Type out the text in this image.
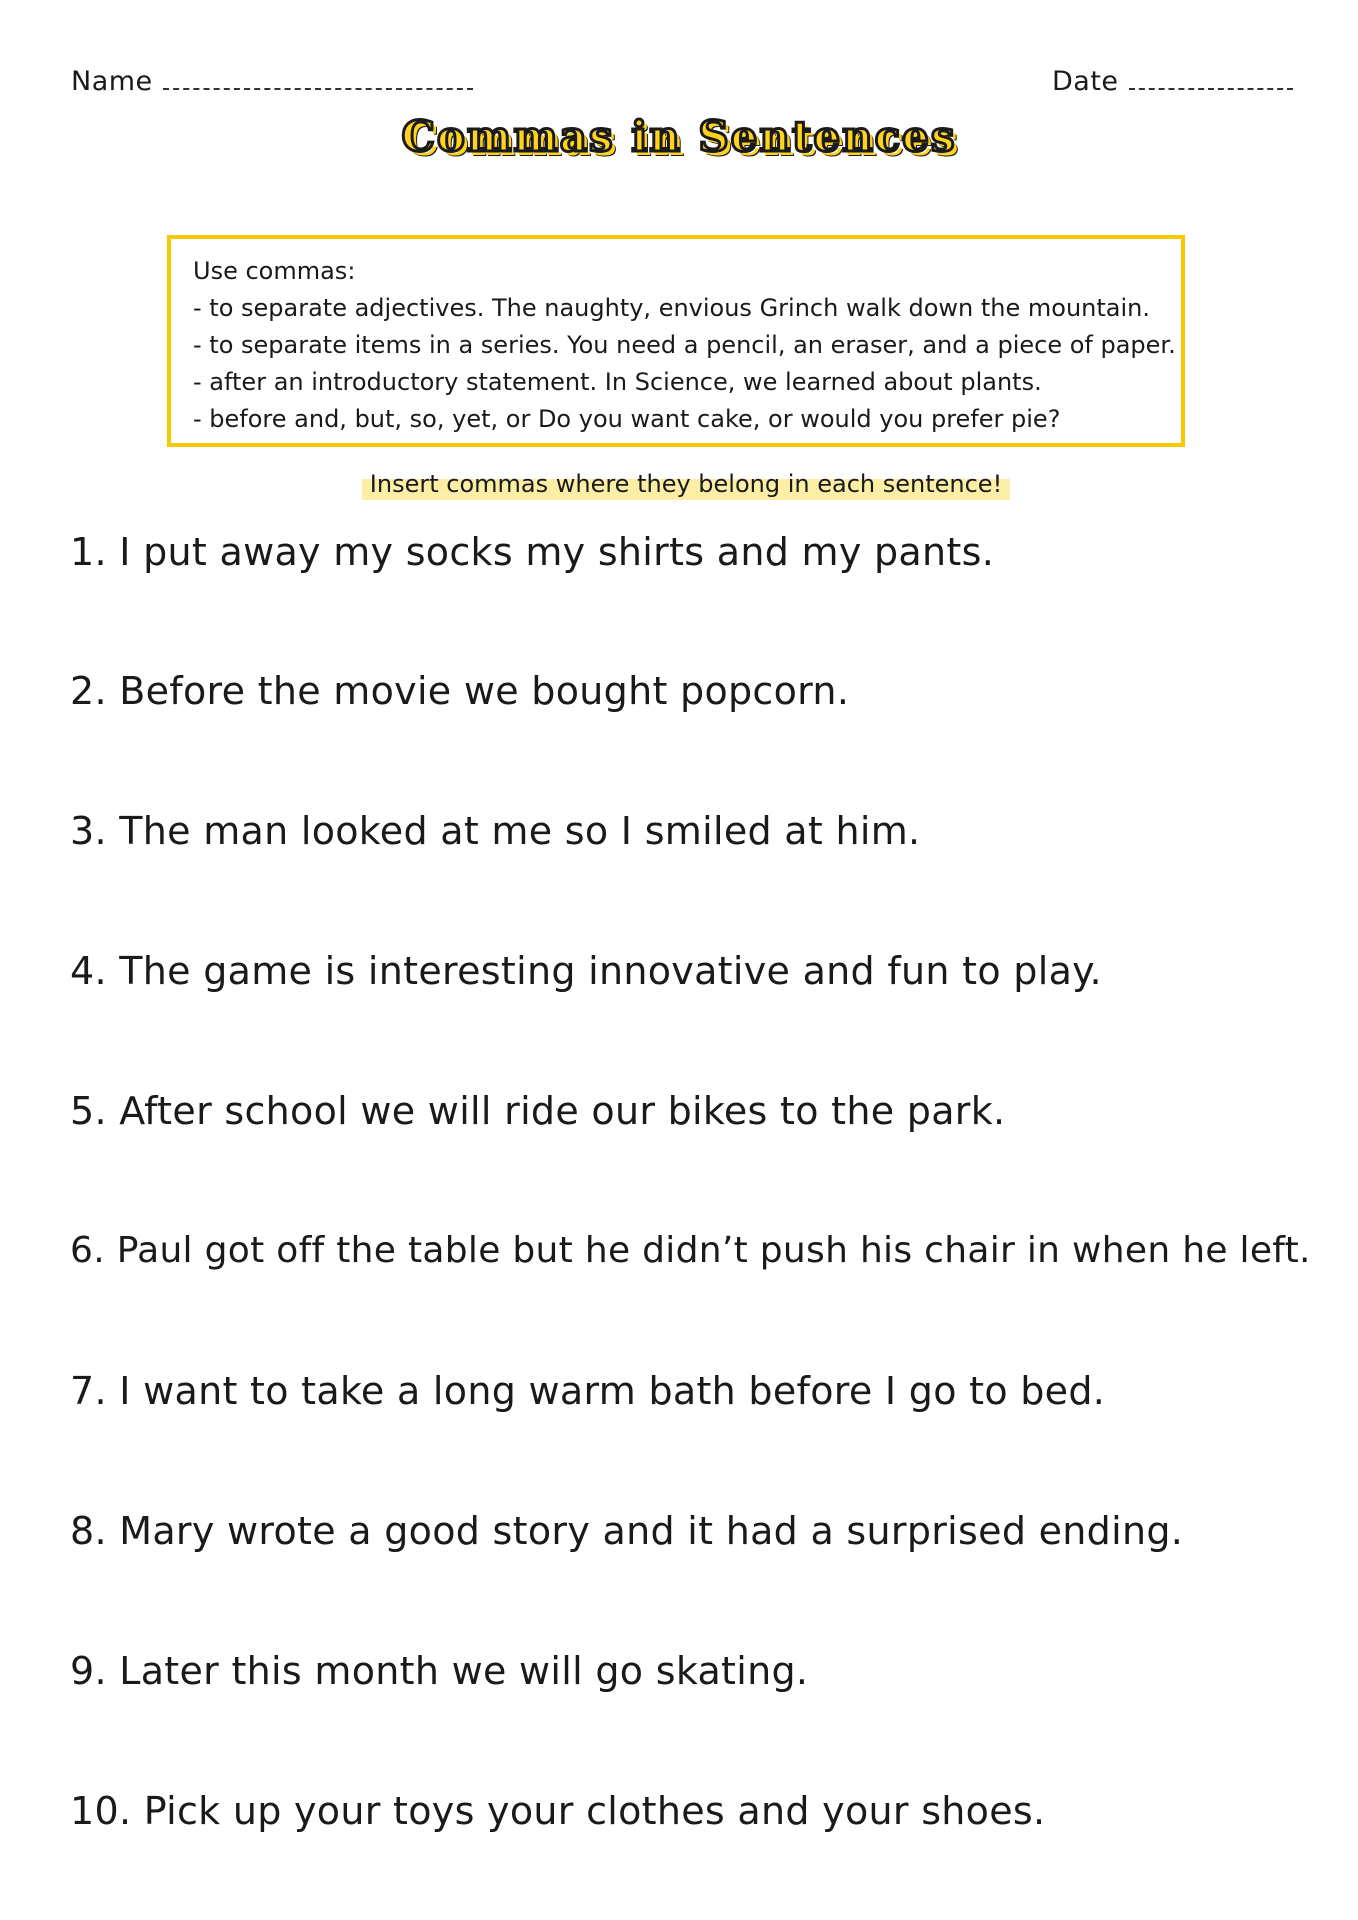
Name	Date
Commas in Sentences
Use commas:
- to separate adjectives. The naughty, envious Grinch walk down the mountain.
- to separate items in a series. You need a pencil, an eraser, and a piece of paper.
- after an introductory statement. In Science, we learned about plants.
- before and, but, so, yet, or Do you want cake, or would you prefer pie?
Insert commas where they belong in each sentence!
1. I put away my socks my shirts and my pants.
2. Before the movie we bought popcorn.
3. The man looked at me so I smiled at him.
4. The game is interesting innovative and fun to play.
5. After school we will ride our bikes to the park.
6. Paul got off the table but he didn’t push his chair in when he left.
7. I want to take a long warm bath before I go to bed.
8. Mary wrote a good story and it had a surprised ending.
9. Later this month we will go skating.
10. Pick up your toys your clothes and your shoes.
